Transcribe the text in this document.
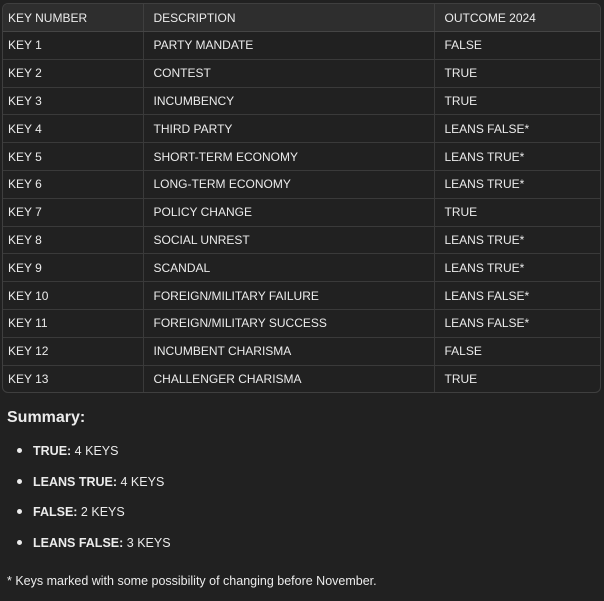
KEY NUMBER	DESCRIPTION	OUTCOME 2024
KEY 1	PARTY MANDATE	FALSE
KEY 2	CONTEST	TRUE
KEY 3	INCUMBENCY	TRUE
KEY 4	THIRD PARTY	LEANS FALSE*
KEY 5	SHORT-TERM ECONOMY	LEANS TRUE*
KEY 6	LONG-TERM ECONOMY	LEANS TRUE*
KEY 7	POLICY CHANGE	TRUE
KEY 8	SOCIAL UNREST	LEANS TRUE*
KEY 9	SCANDAL	LEANS TRUE*
KEY 10	FOREIGN/MILITARY FAILURE	LEANS FALSE*
KEY 11	FOREIGN/MILITARY SUCCESS	LEANS FALSE*
KEY 12	INCUMBENT CHARISMA	FALSE
KEY 13	CHALLENGER CHARISMA	TRUE
Summary:
TRUE: 4 KEYS
LEANS TRUE: 4 KEYS
FALSE: 2 KEYS
LEANS FALSE: 3 KEYS

* Keys marked with some possibility of changing before November.
